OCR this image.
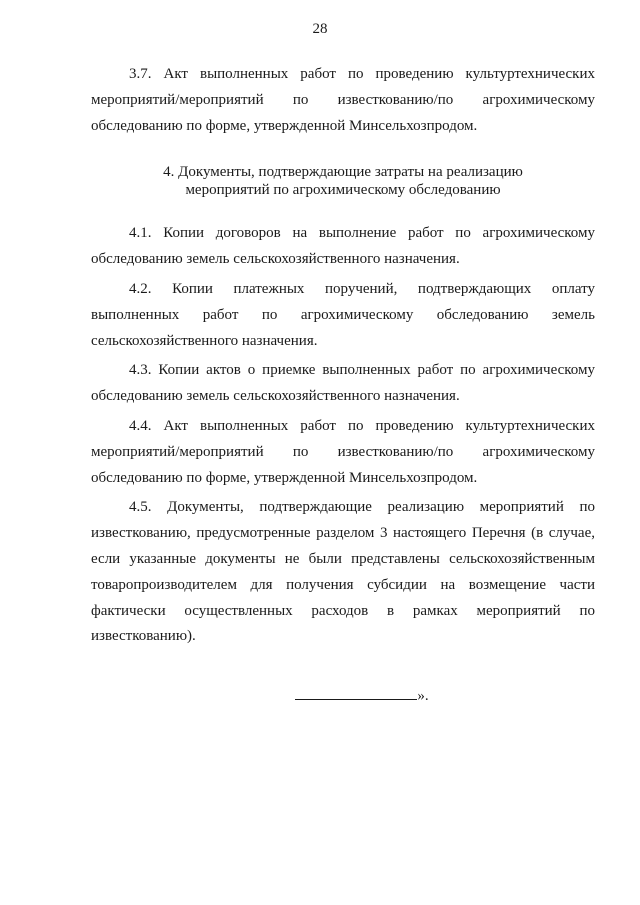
28

3.7. Акт выполненных работ по проведению культуртехнических мероприятий/мероприятий по известкованию/по агрохимическому обследованию по форме, утвержденной Минсельхозпродом.

4. Документы, подтверждающие затраты на реализацию
мероприятий по агрохимическому обследованию

4.1. Копии договоров на выполнение работ по агрохимическому обследованию земель сельскохозяйственного назначения.

4.2. Копии платежных поручений, подтверждающих оплату выполненных работ по агрохимическому обследованию земель сельскохозяйственного назначения.

4.3. Копии актов о приемке выполненных работ по агрохимическому обследованию земель сельскохозяйственного назначения.

4.4. Акт выполненных работ по проведению культуртехнических мероприятий/мероприятий по известкованию/по агрохимическому обследованию по форме, утвержденной Минсельхозпродом.

4.5. Документы, подтверждающие реализацию мероприятий по известкованию, предусмотренные разделом 3 настоящего Перечня (в случае, если указанные документы не были представлены сельскохозяйственным товаропроизводителем для получения субсидии на возмещение части фактически осуществленных расходов в рамках мероприятий по известкованию).

».
